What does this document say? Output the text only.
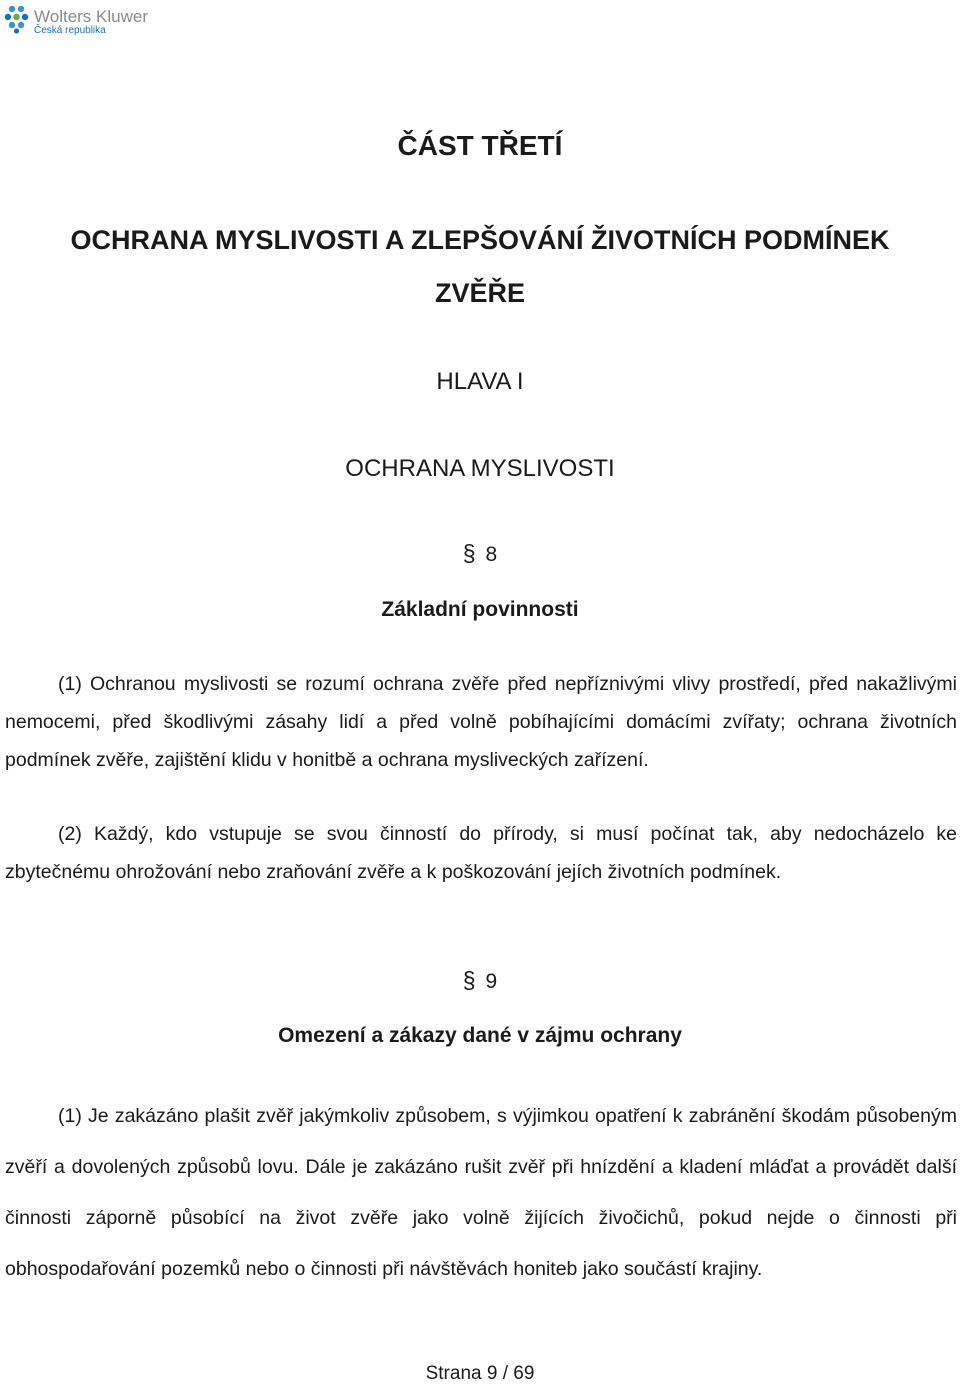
Wolters Kluwer
Česká republika
ČÁST TŘETÍ
OCHRANA MYSLIVOSTI A ZLEPŠOVÁNÍ ŽIVOTNÍCH PODMÍNEK
ZVĚŘE
HLAVA I
OCHRANA MYSLIVOSTI
§ 8
Základní povinnosti
(1) Ochranou myslivosti se rozumí ochrana zvěře před nepříznivými vlivy prostředí, před nakažlivými nemocemi, před škodlivými zásahy lidí a před volně pobíhajícími domácími zvířaty; ochrana životních podmínek zvěře, zajištění klidu v honitbě a ochrana mysliveckých zařízení.
(2) Každý, kdo vstupuje se svou činností do přírody, si musí počínat tak, aby nedocházelo ke zbytečnému ohrožování nebo zraňování zvěře a k poškozování jejích životních podmínek.
§ 9
Omezení a zákazy dané v zájmu ochrany
(1) Je zakázáno plašit zvěř jakýmkoliv způsobem, s výjimkou opatření k zabránění škodám působeným zvěří a dovolených způsobů lovu. Dále je zakázáno rušit zvěř při hnízdění a kladení mláďat a provádět další činnosti záporně působící na život zvěře jako volně žijících živočichů, pokud nejde o činnosti při obhospodařování pozemků nebo o činnosti při návštěvách honiteb jako součástí krajiny.
Strana 9 / 69
